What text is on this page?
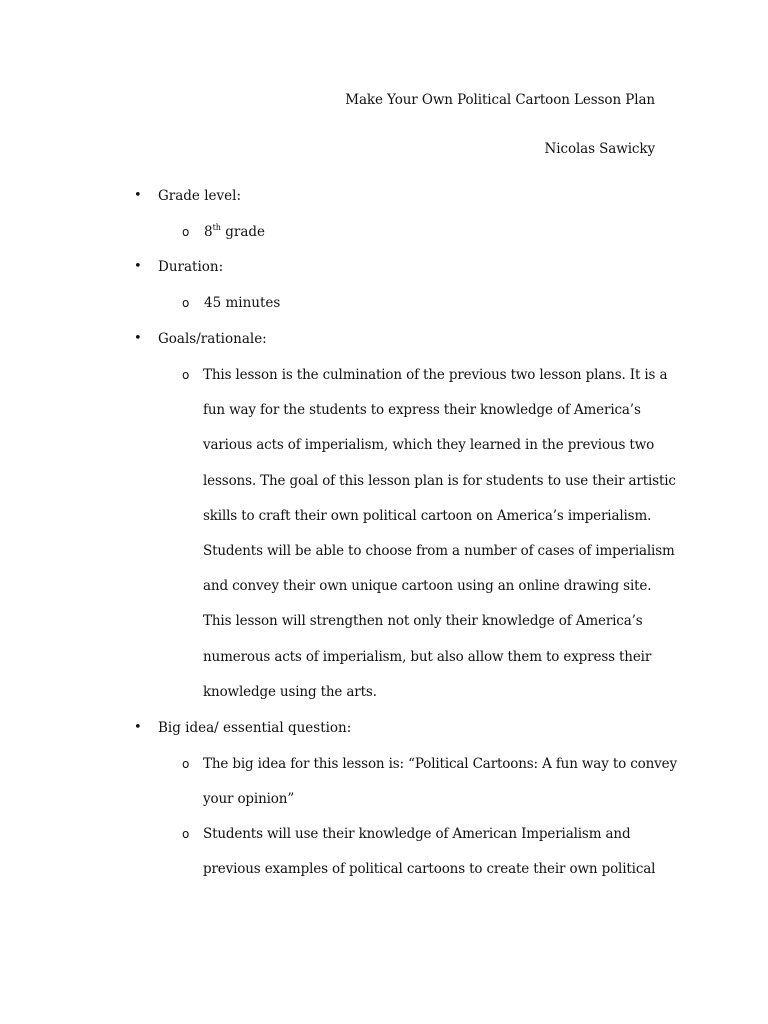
Make Your Own Political Cartoon Lesson Plan
Nicolas Sawicky
• Grade level:
o 8th grade
• Duration:
o 45 minutes
• Goals/rationale:
o This lesson is the culmination of the previous two lesson plans. It is a
fun way for the students to express their knowledge of America’s
various acts of imperialism, which they learned in the previous two
lessons. The goal of this lesson plan is for students to use their artistic
skills to craft their own political cartoon on America’s imperialism.
Students will be able to choose from a number of cases of imperialism
and convey their own unique cartoon using an online drawing site.
This lesson will strengthen not only their knowledge of America’s
numerous acts of imperialism, but also allow them to express their
knowledge using the arts.
• Big idea/ essential question:
o The big idea for this lesson is: “Political Cartoons: A fun way to convey
your opinion”
o Students will use their knowledge of American Imperialism and
previous examples of political cartoons to create their own political
